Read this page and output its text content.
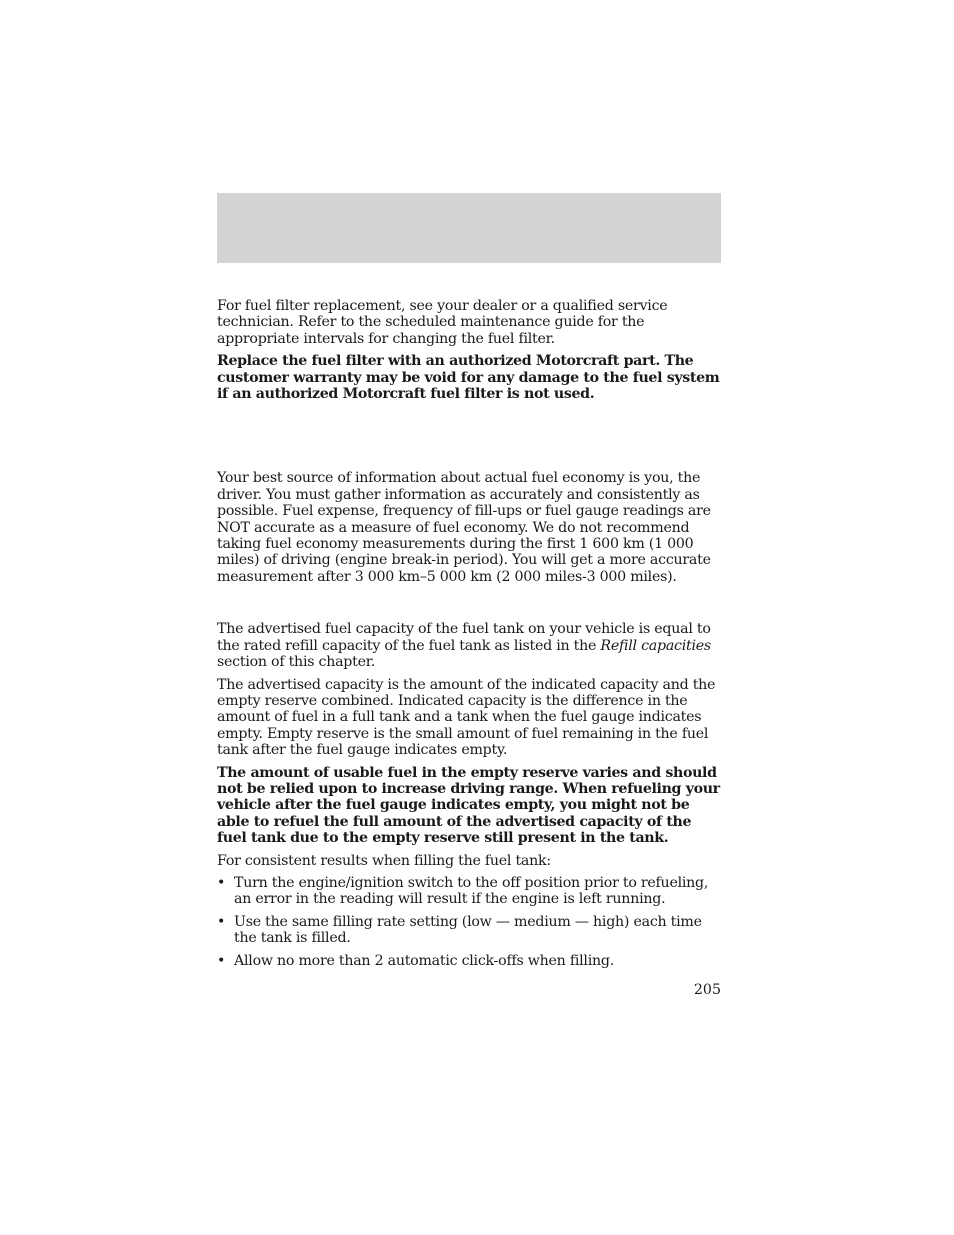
For fuel filter replacement, see your dealer or a qualified service technician. Refer to the scheduled maintenance guide for the appropriate intervals for changing the fuel filter.

Replace the fuel filter with an authorized Motorcraft part. The customer warranty may be void for any damage to the fuel system if an authorized Motorcraft fuel filter is not used.

Your best source of information about actual fuel economy is you, the driver. You must gather information as accurately and consistently as possible. Fuel expense, frequency of fill-ups or fuel gauge readings are NOT accurate as a measure of fuel economy. We do not recommend taking fuel economy measurements during the first 1 600 km (1 000 miles) of driving (engine break-in period). You will get a more accurate measurement after 3 000 km–5 000 km (2 000 miles-3 000 miles).

The advertised fuel capacity of the fuel tank on your vehicle is equal to the rated refill capacity of the fuel tank as listed in the Refill capacities section of this chapter.

The advertised capacity is the amount of the indicated capacity and the empty reserve combined. Indicated capacity is the difference in the amount of fuel in a full tank and a tank when the fuel gauge indicates empty. Empty reserve is the small amount of fuel remaining in the fuel tank after the fuel gauge indicates empty.

The amount of usable fuel in the empty reserve varies and should not be relied upon to increase driving range. When refueling your vehicle after the fuel gauge indicates empty, you might not be able to refuel the full amount of the advertised capacity of the fuel tank due to the empty reserve still present in the tank.

For consistent results when filling the fuel tank:

• Turn the engine/ignition switch to the off position prior to refueling, an error in the reading will result if the engine is left running.
• Use the same filling rate setting (low — medium — high) each time the tank is filled.
• Allow no more than 2 automatic click-offs when filling.
205
